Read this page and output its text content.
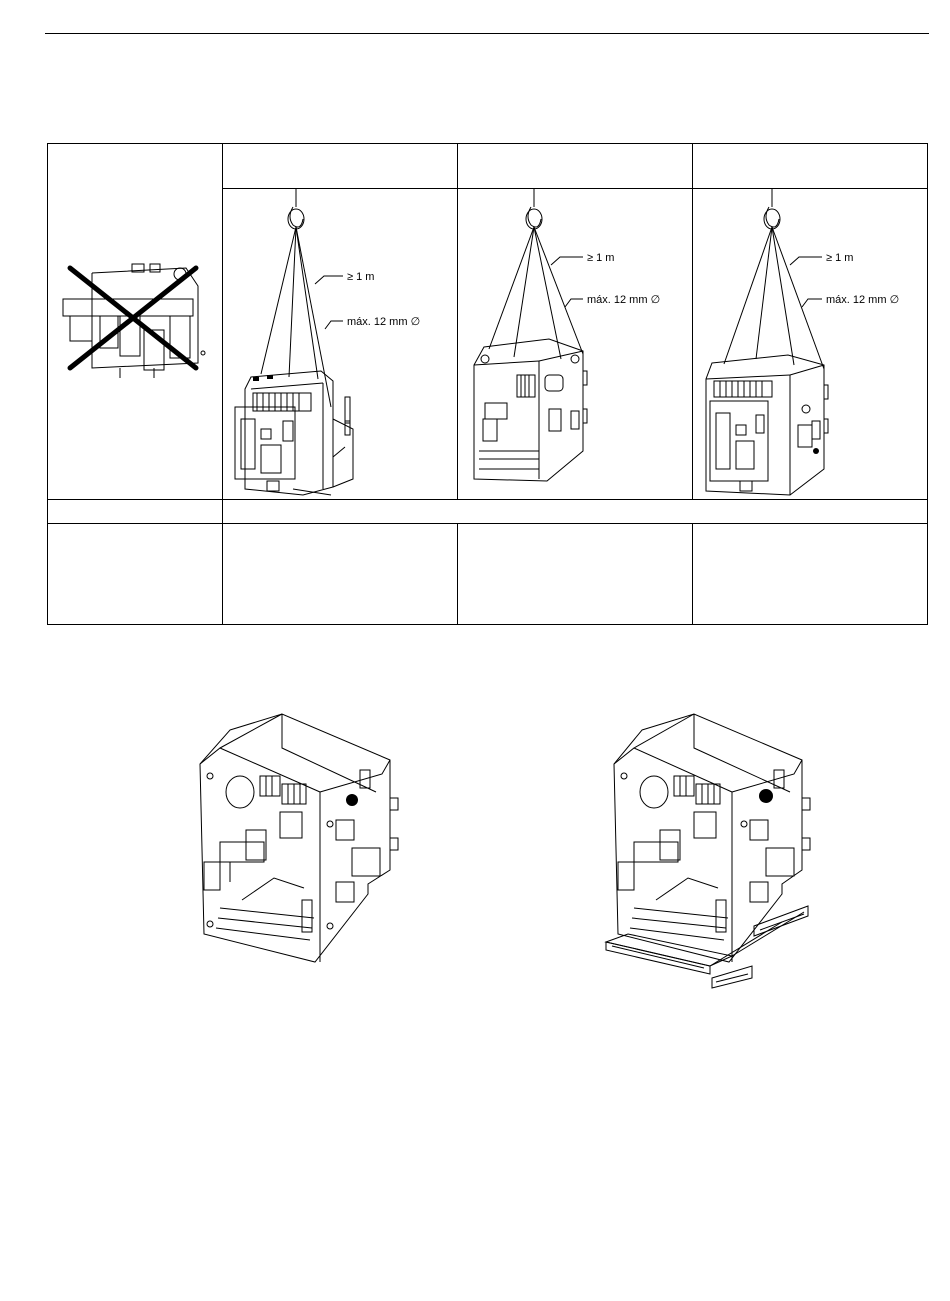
≥ 1 m
máx. 12 mm ∅
≥ 1 m
máx. 12 mm ∅
≥ 1 m
máx. 12 mm ∅
